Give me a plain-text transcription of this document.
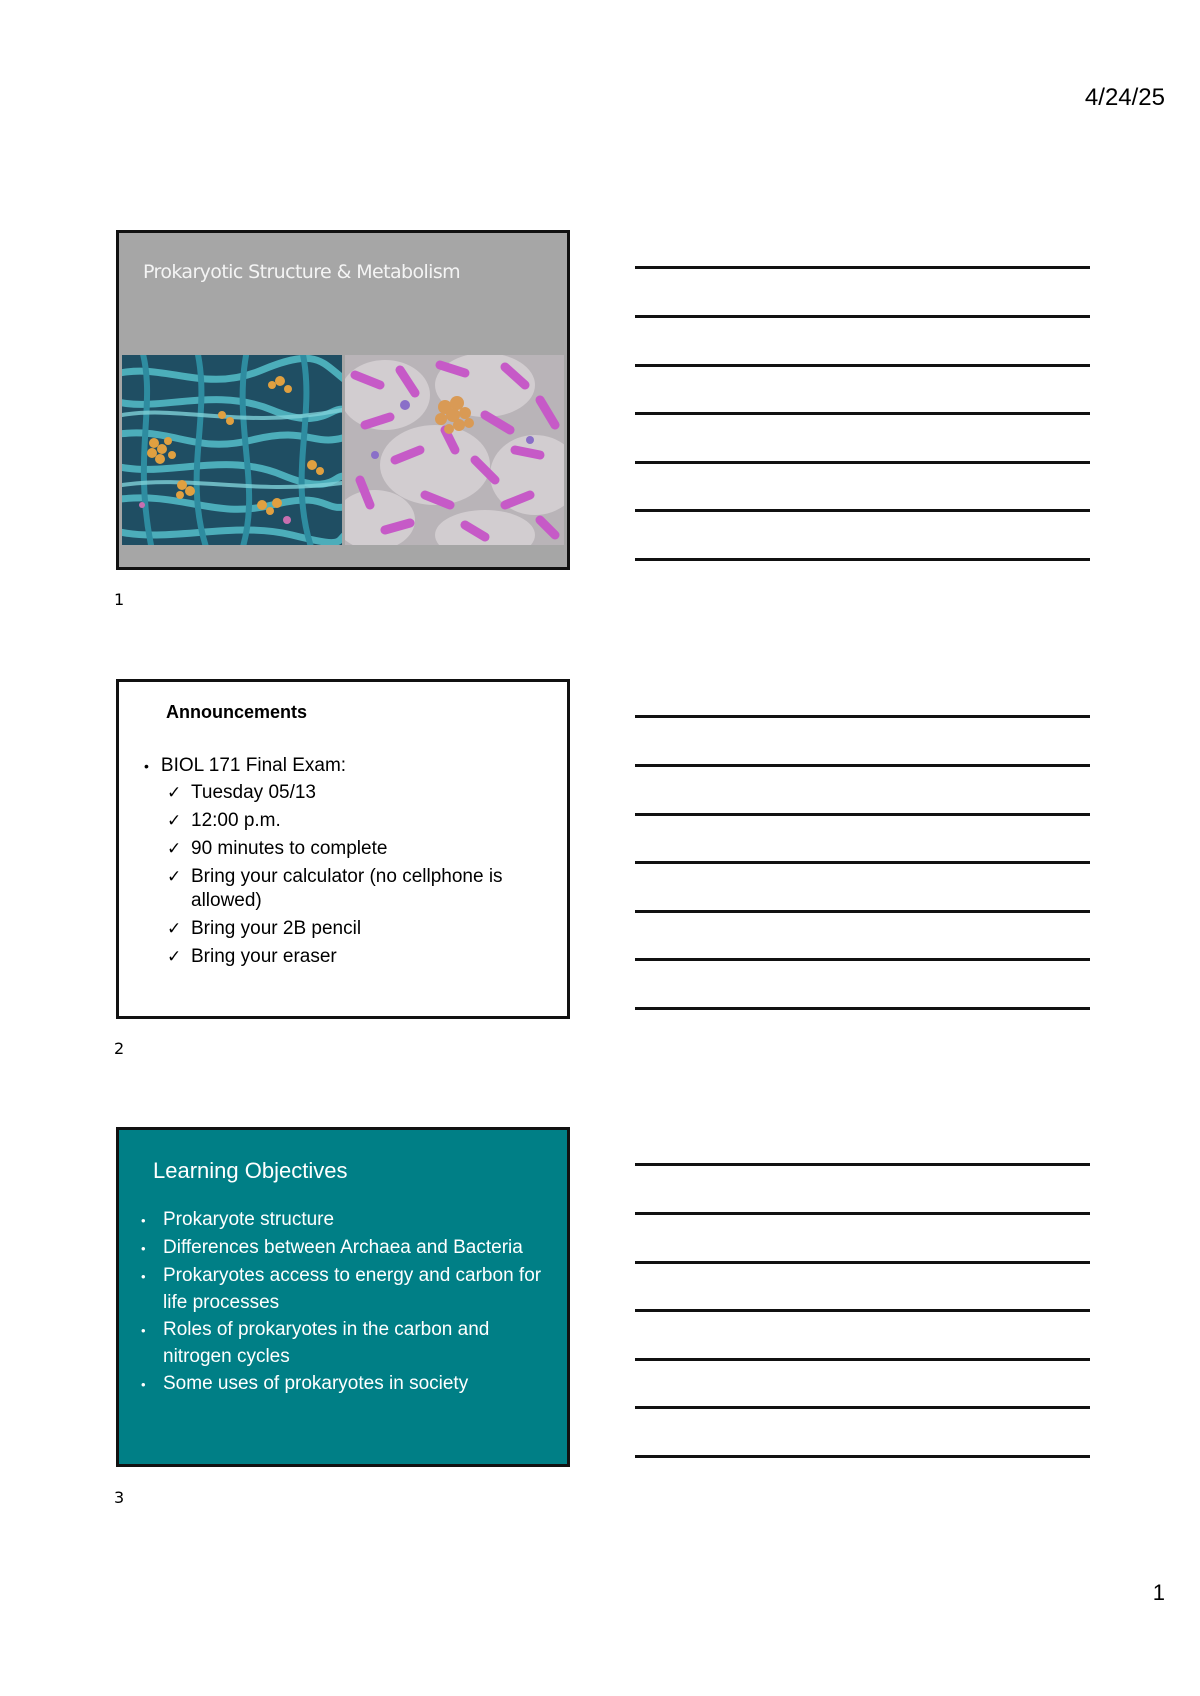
4/24/25
Prokaryotic Structure & Metabolism
1
Announcements
• BIOL 171 Final Exam:
✓ Tuesday 05/13
✓ 12:00 p.m.
✓ 90 minutes to complete
✓ Bring your calculator (no cellphone is allowed)
✓ Bring your 2B pencil
✓ Bring your eraser
2
Learning Objectives
• Prokaryote structure
• Differences between Archaea and Bacteria
• Prokaryotes access to energy and carbon for life processes
• Roles of prokaryotes in the carbon and nitrogen cycles
• Some uses of prokaryotes in society
3
1
